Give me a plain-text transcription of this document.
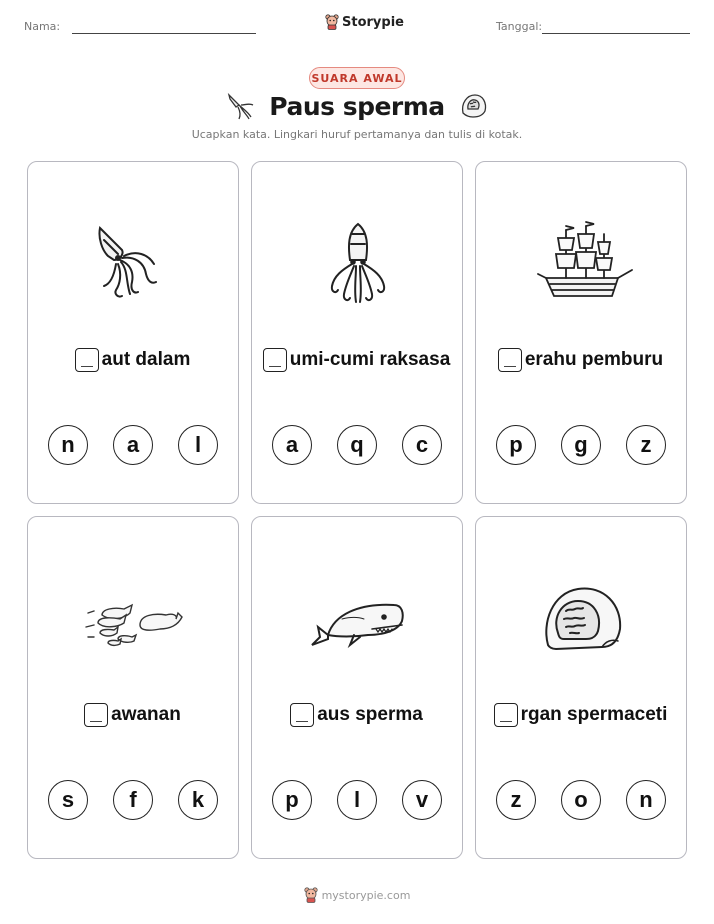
Nama:	Storypie	Tanggal:
SUARA AWAL
Paus sperma
Ucapkan kata. Lingkari huruf pertamanya dan tulis di kotak.
aut dalam
n	a	l
umi-cumi raksasa
a	q	c
erahu pemburu
p	g	z
awanan
s	f	k
aus sperma
p	l	v
rgan spermaceti
z	o	n
mystorypie.com
